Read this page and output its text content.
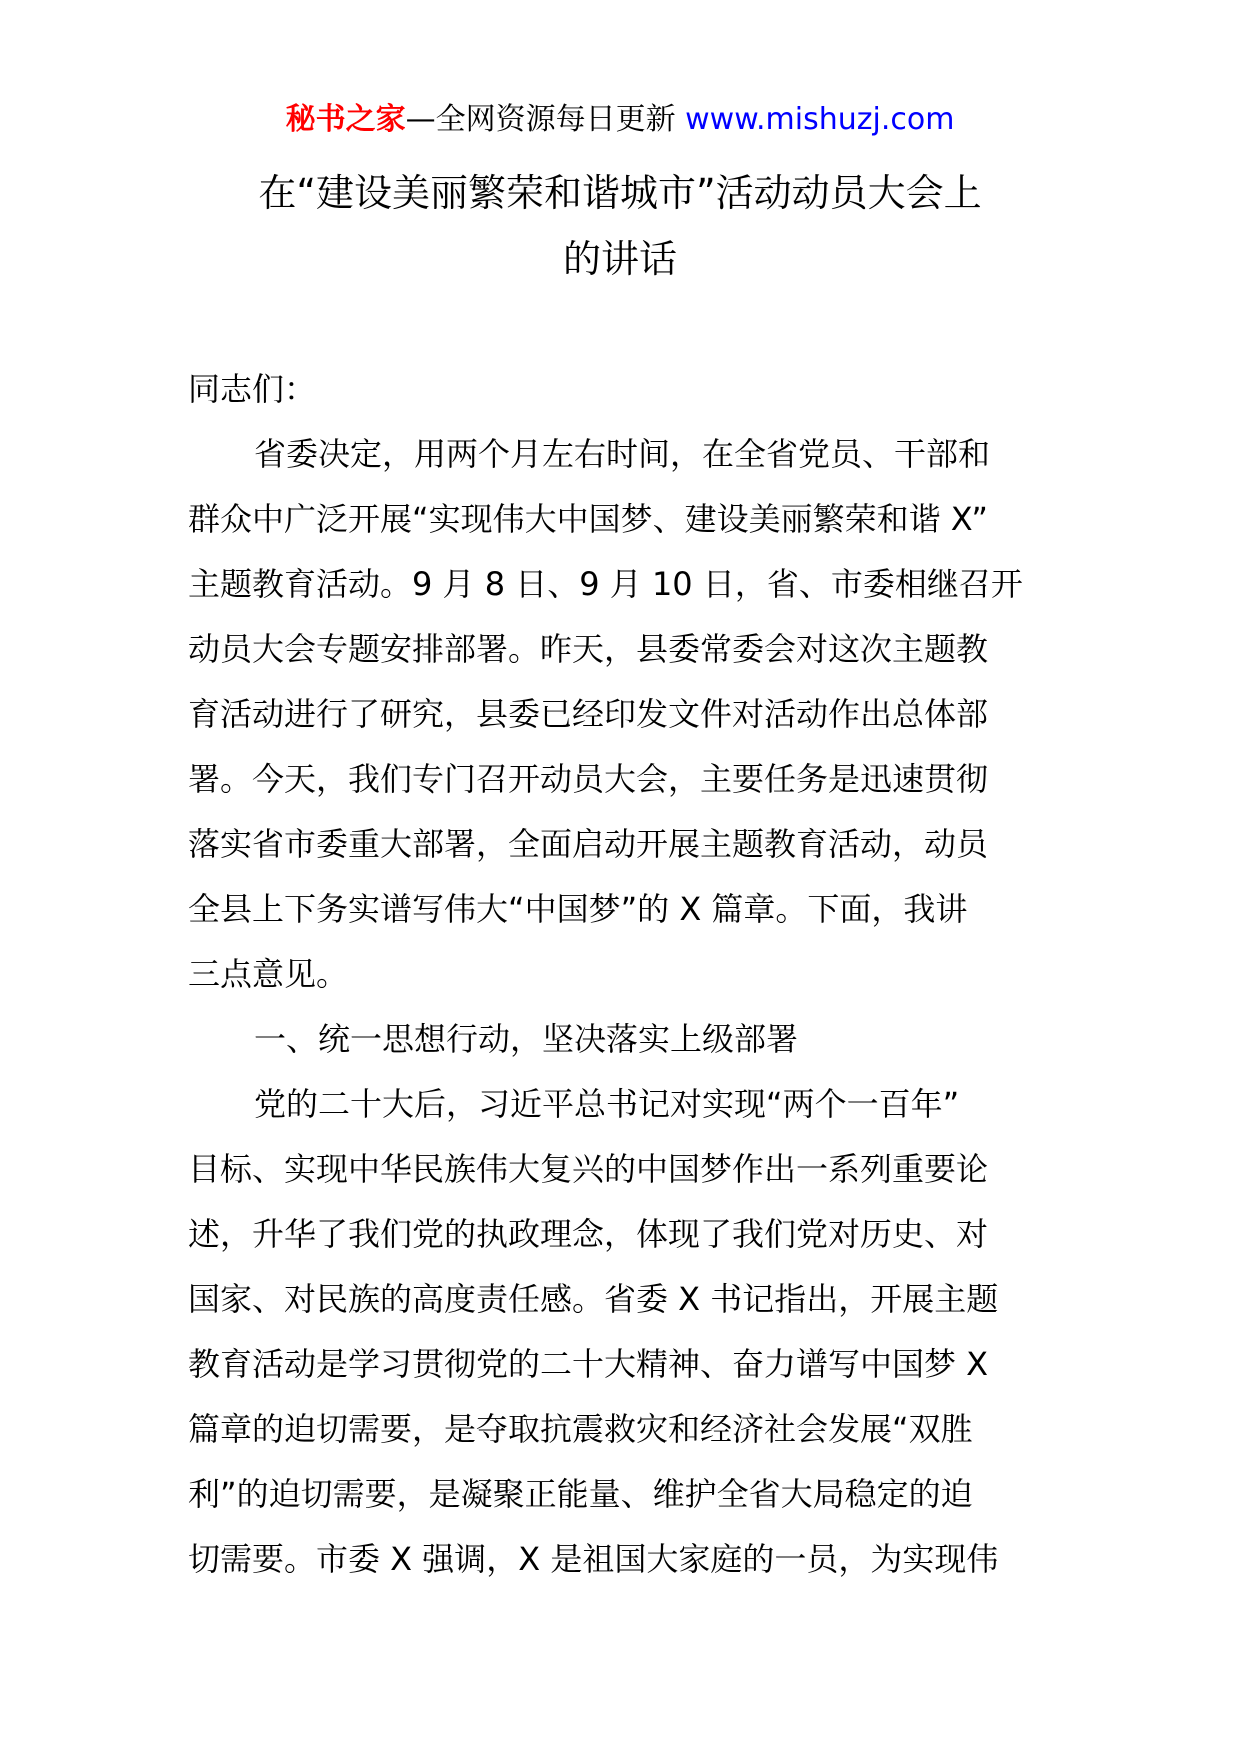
秘书之家—全网资源每日更新 www.mishuzj.com
在“建设美丽繁荣和谐城市”活动动员大会上
的讲话
同志们：
省委决定，用两个月左右时间，在全省党员、干部和
群众中广泛开展“实现伟大中国梦、建设美丽繁荣和谐 X”
主题教育活动。9 月 8 日、9 月 10 日，省、市委相继召开
动员大会专题安排部署。昨天，县委常委会对这次主题教
育活动进行了研究，县委已经印发文件对活动作出总体部
署。今天，我们专门召开动员大会，主要任务是迅速贯彻
落实省市委重大部署，全面启动开展主题教育活动，动员
全县上下务实谱写伟大“中国梦”的 X 篇章。下面，我讲
三点意见。
一、统一思想行动，坚决落实上级部署
党的二十大后，习近平总书记对实现“两个一百年”
目标、实现中华民族伟大复兴的中国梦作出一系列重要论
述，升华了我们党的执政理念，体现了我们党对历史、对
国家、对民族的高度责任感。省委 X 书记指出，开展主题
教育活动是学习贯彻党的二十大精神、奋力谱写中国梦 X
篇章的迫切需要，是夺取抗震救灾和经济社会发展“双胜
利”的迫切需要，是凝聚正能量、维护全省大局稳定的迫
切需要。市委 X 强调，X 是祖国大家庭的一员，为实现伟
